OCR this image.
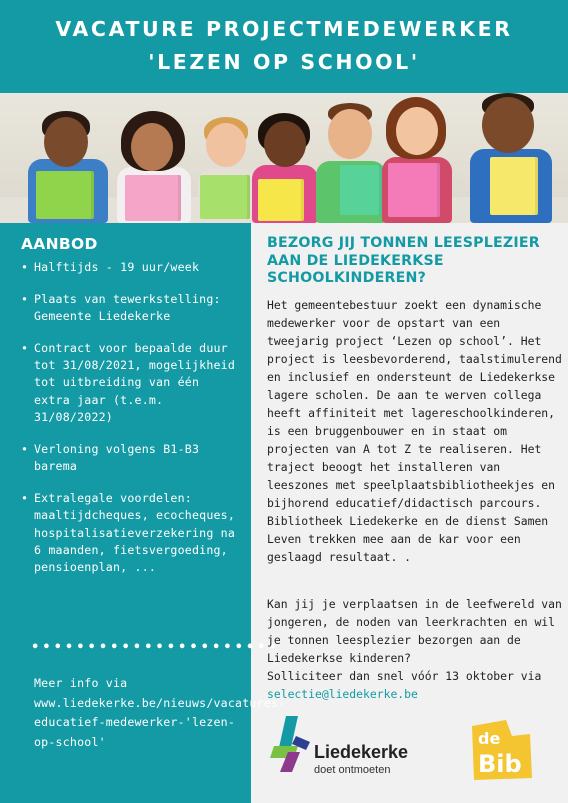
VACATURE PROJECTMEDEWERKER
'LEZEN OP SCHOOL'
AANBOD
• Halftijds - 19 uur/week
• Plaats van tewerkstelling: Gemeente Liedekerke
• Contract voor bepaalde duur tot 31/08/2021, mogelijkheid tot uitbreiding van één extra jaar (t.e.m. 31/08/2022)
• Verloning volgens B1-B3 barema
• Extralegale voordelen: maaltijdcheques, ecocheques, hospitalisatieverzekering na 6 maanden, fietsvergoeding, pensioenplan, ...
••••••••••••••••••••••
Meer info via www.liedekerke.be/nieuws/vacatures-educatief-medewerker-'lezen-op-school'
BEZORG JIJ TONNEN LEESPLEZIER AAN DE LIEDEKERKSE SCHOOLKINDEREN?
Het gemeentebestuur zoekt een dynamische medewerker voor de opstart van een tweejarig project ‘Lezen op school’. Het project is leesbevorderend, taalstimulerend en inclusief en ondersteunt de Liedekerkse lagere scholen. De aan te werven collega heeft affiniteit met lagereschoolkinderen, is een bruggenbouwer en in staat om projecten van A tot Z te realiseren. Het traject beoogt het installeren van leeszones met speelplaatsbibliotheekjes en bijhorend educatief/didactisch parcours. Bibliotheek Liedekerke en de dienst Samen Leven trekken mee aan de kar voor een geslaagd resultaat. .
Kan jij je verplaatsen in de leefwereld van jongeren, de noden van leerkrachten en wil je tonnen leesplezier bezorgen aan de Liedekerkse kinderen?
Solliciteer dan snel vóór 13 oktober via
selectie@liedekerke.be
Liedekerke
doet ontmoeten
de
Bib
